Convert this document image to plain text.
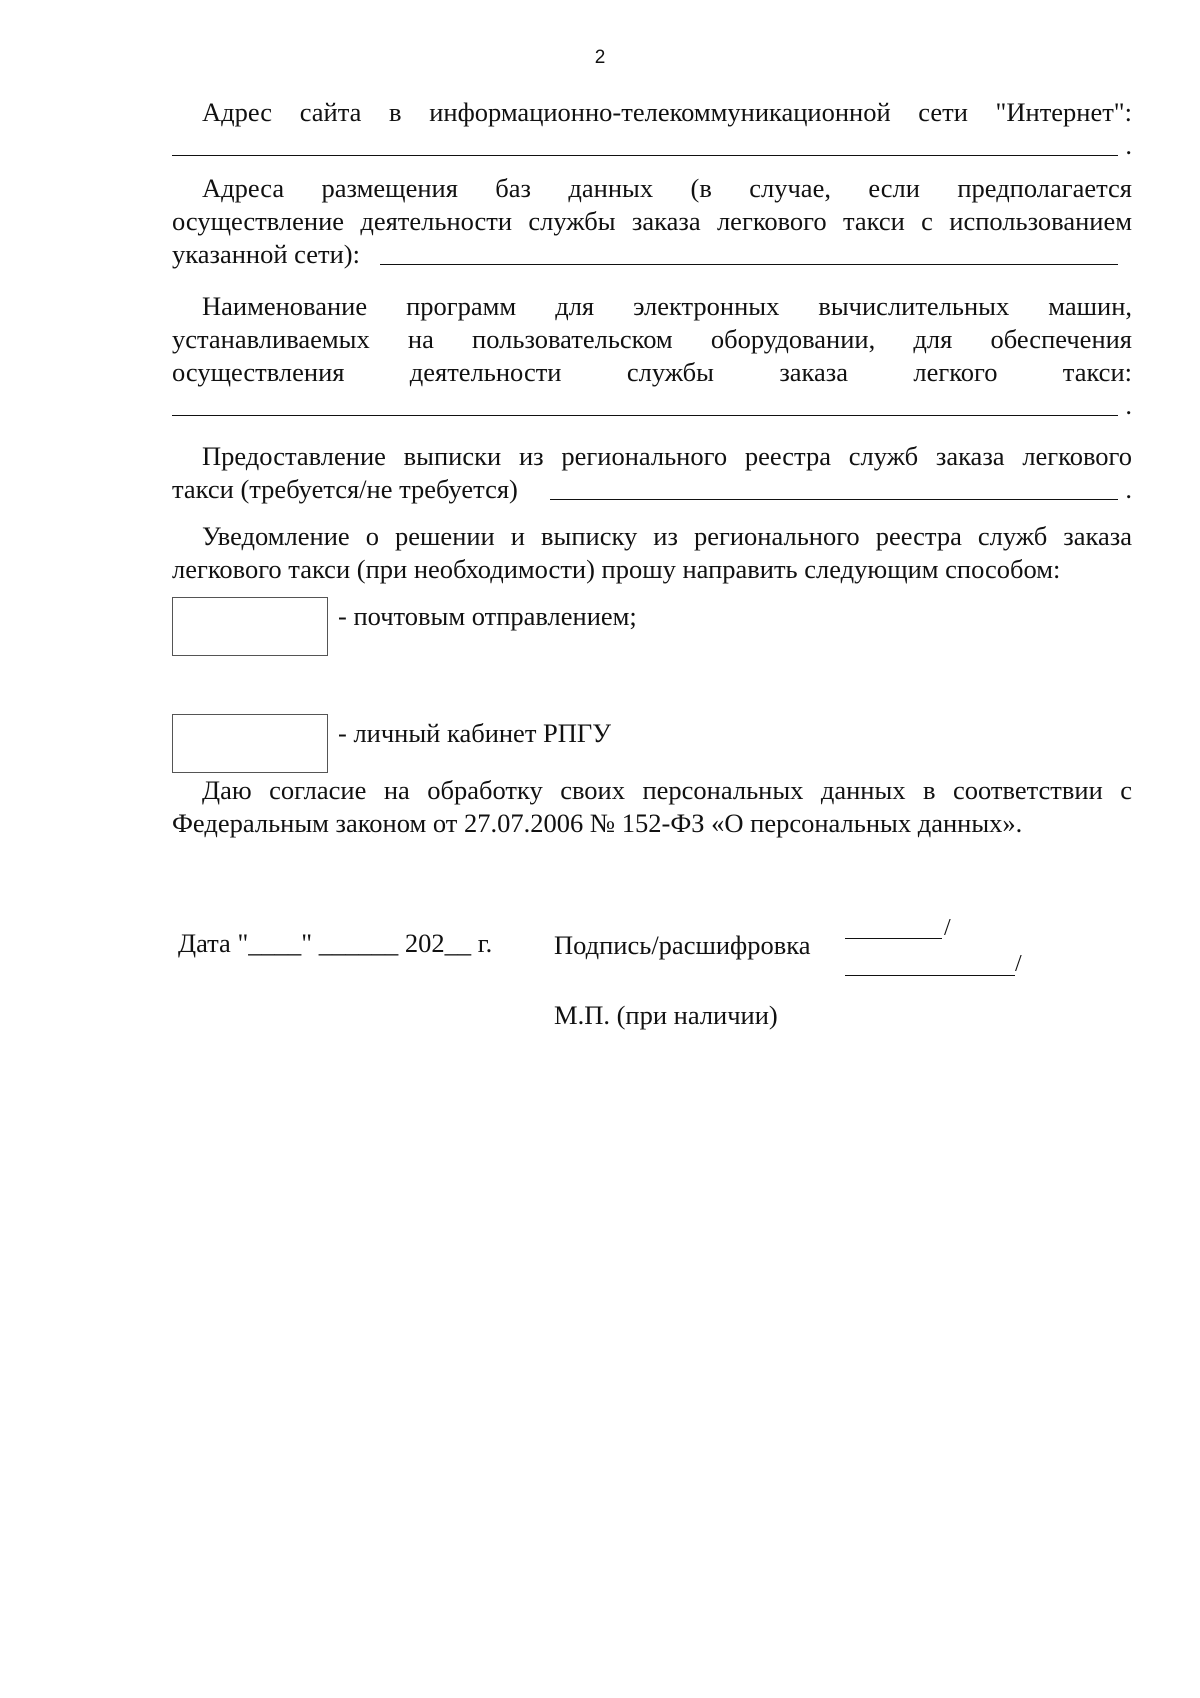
2

Адрес сайта в информационно-телекоммуникационной сети "Интернет":

.

Адреса размещения баз данных (в случае, если предполагается

осуществление деятельности службы заказа легкового такси с использованием

указанной сети):

Наименование программ для электронных вычислительных машин,

устанавливаемых на пользовательском оборудовании, для обеспечения

осуществления деятельности службы заказа легкого такси:

.

Предоставление выписки из регионального реестра служб заказа легкового

такси (требуется/не требуется)	.

Уведомление о решении и выписку из регионального реестра служб заказа

легкового такси (при необходимости) прошу направить следующим способом:

- почтовым отправлением;
- личный кабинет РПГУ

Даю согласие на обработку своих персональных данных в соответствии с

Федеральным законом от 27.07.2006 № 152-ФЗ «О персональных данных».

Дата "____" ______ 202__ г. Подпись/расшифровка
/
/
М.П. (при наличии)
